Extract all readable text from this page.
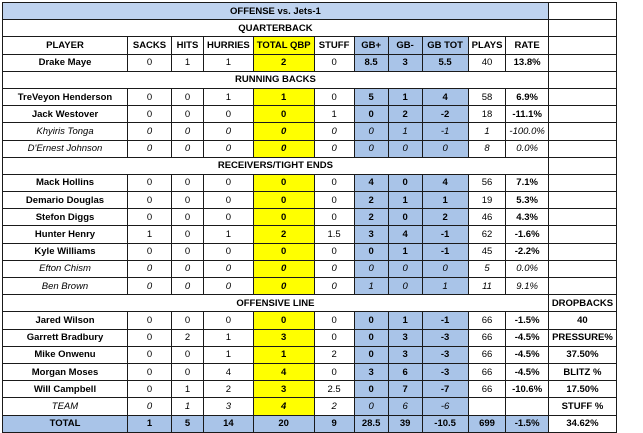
OFFENSE vs. Jets-1											
QUARTERBACK											
PLAYER	SACKS	HITS	HURRIES	TOTAL QBP	STUFF	GB+	GB-	GB TOT	PLAYS	RATE	
Drake Maye	0	1	1	2	0	8.5	3	5.5	40	13.8%	
RUNNING BACKS											
TreVeyon Henderson	0	0	1	1	0	5	1	4	58	6.9%	
Jack Westover	0	0	0	0	1	0	2	-2	18	-11.1%	
Khyiris Tonga	0	0	0	0	0	0	1	-1	1	-100.0%	
D'Ernest Johnson	0	0	0	0	0	0	0	0	8	0.0%	
RECEIVERS/TIGHT ENDS											
Mack Hollins	0	0	0	0	0	4	0	4	56	7.1%	
Demario Douglas	0	0	0	0	0	2	1	1	19	5.3%	
Stefon Diggs	0	0	0	0	0	2	0	2	46	4.3%	
Hunter Henry	1	0	1	2	1.5	3	4	-1	62	-1.6%	
Kyle Williams	0	0	0	0	0	0	1	-1	45	-2.2%	
Efton Chism	0	0	0	0	0	0	0	0	5	0.0%	
Ben Brown	0	0	0	0	0	1	0	1	11	9.1%	
OFFENSIVE LINE											DROPBACKS
Jared Wilson	0	0	0	0	0	0	1	-1	66	-1.5%	40
Garrett Bradbury	0	2	1	3	0	0	3	-3	66	-4.5%	PRESSURE%
Mike Onwenu	0	0	1	1	2	0	3	-3	66	-4.5%	37.50%
Morgan Moses	0	0	4	4	0	3	6	-3	66	-4.5%	BLITZ %
Will Campbell	0	1	2	3	2.5	0	7	-7	66	-10.6%	17.50%
TEAM	0	1	3	4	2	0	6	-6			STUFF %
TOTAL	1	5	14	20	9	28.5	39	-10.5	699	-1.5%	34.62%
